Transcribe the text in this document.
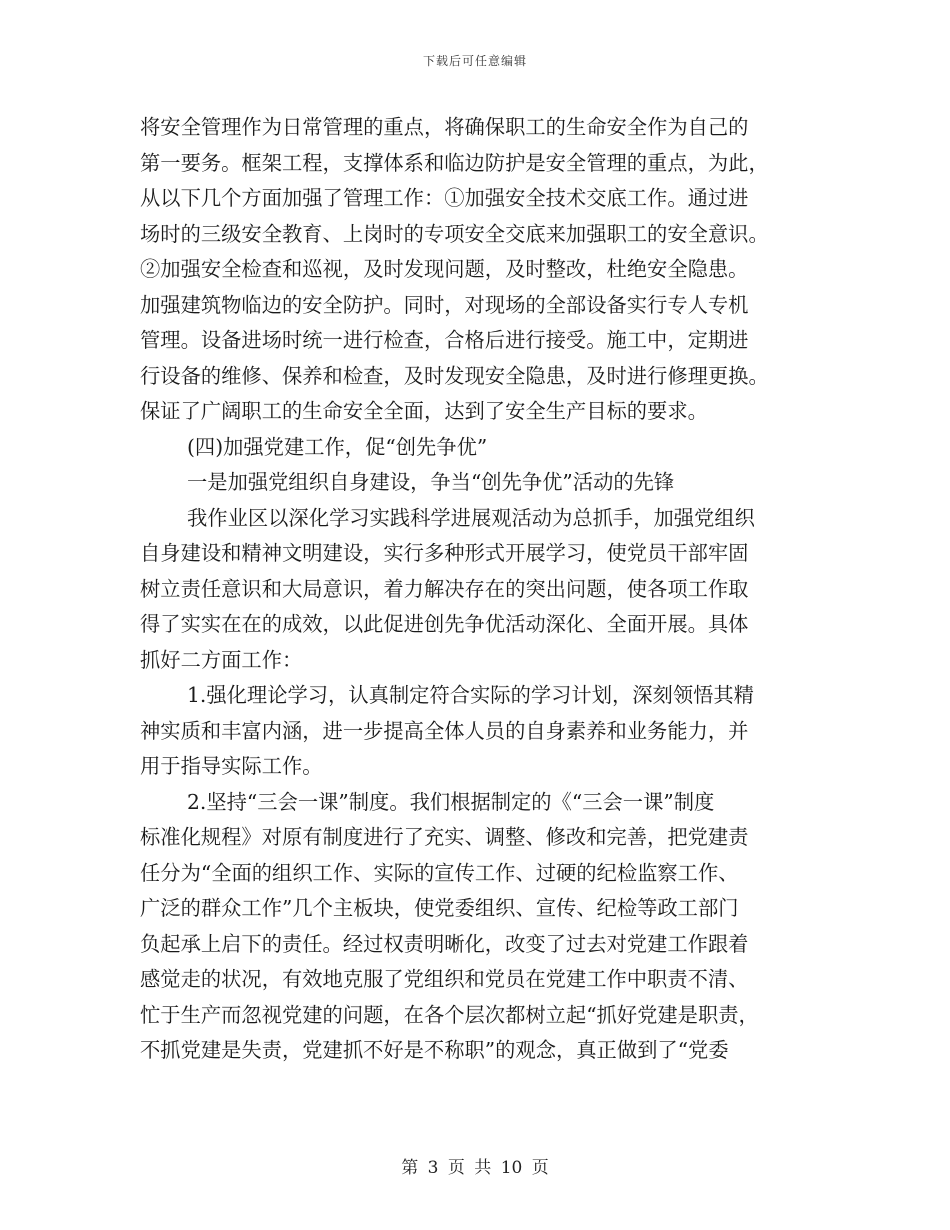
下载后可任意编辑
将安全管理作为日常管理的重点，将确保职工的生命安全作为自己的
第一要务。框架工程，支撑体系和临边防护是安全管理的重点，为此，
从以下几个方面加强了管理工作：①加强安全技术交底工作。通过进
场时的三级安全教育、上岗时的专项安全交底来加强职工的安全意识。
②加强安全检查和巡视，及时发现问题，及时整改，杜绝安全隐患。
加强建筑物临边的安全防护。同时，对现场的全部设备实行专人专机
管理。设备进场时统一进行检查，合格后进行接受。施工中，定期进
行设备的维修、保养和检查，及时发现安全隐患，及时进行修理更换。
保证了广阔职工的生命安全全面，达到了安全生产目标的要求。
(四)加强党建工作，促“创先争优”
一是加强党组织自身建设，争当“创先争优”活动的先锋
我作业区以深化学习实践科学进展观活动为总抓手，加强党组织
自身建设和精神文明建设，实行多种形式开展学习，使党员干部牢固
树立责任意识和大局意识，着力解决存在的突出问题，使各项工作取
得了实实在在的成效，以此促进创先争优活动深化、全面开展。具体
抓好二方面工作：
1.强化理论学习，认真制定符合实际的学习计划，深刻领悟其精
神实质和丰富内涵，进一步提高全体人员的自身素养和业务能力，并
用于指导实际工作。
2.坚持“三会一课”制度。我们根据制定的《“三会一课”制度
标准化规程》对原有制度进行了充实、调整、修改和完善，把党建责
任分为“全面的组织工作、实际的宣传工作、过硬的纪检监察工作、
广泛的群众工作”几个主板块，使党委组织、宣传、纪检等政工部门
负起承上启下的责任。经过权责明晰化，改变了过去对党建工作跟着
感觉走的状况，有效地克服了党组织和党员在党建工作中职责不清、
忙于生产而忽视党建的问题，在各个层次都树立起“抓好党建是职责，
不抓党建是失责，党建抓不好是不称职”的观念，真正做到了“党委
第 3 页 共 10 页
